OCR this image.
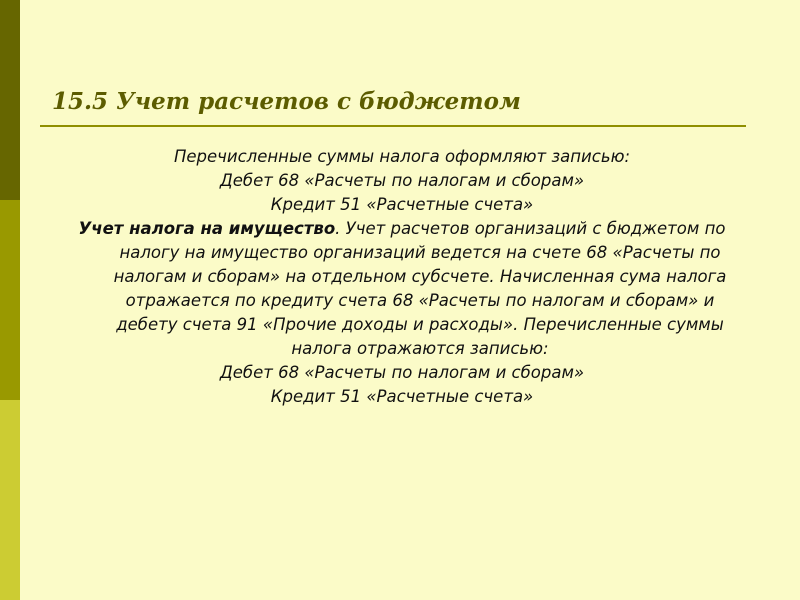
15.5 Учет расчетов с бюджетом
Перечисленные суммы налога оформляют записью:
Дебет 68 «Расчеты по налогам и сборам»
Кредит 51 «Расчетные счета»
Учет налога на имущество. Учет расчетов организаций с бюджетом по налогу на имущество организаций ведется на счете 68 «Расчеты по налогам и сборам» на отдельном субсчете. Начисленная сума налога отражается по кредиту счета 68 «Расчеты по налогам и сборам» и дебету счета 91 «Прочие доходы и расходы». Перечисленные суммы налога отражаются записью:
Дебет 68 «Расчеты по налогам и сборам»
Кредит 51 «Расчетные счета»
